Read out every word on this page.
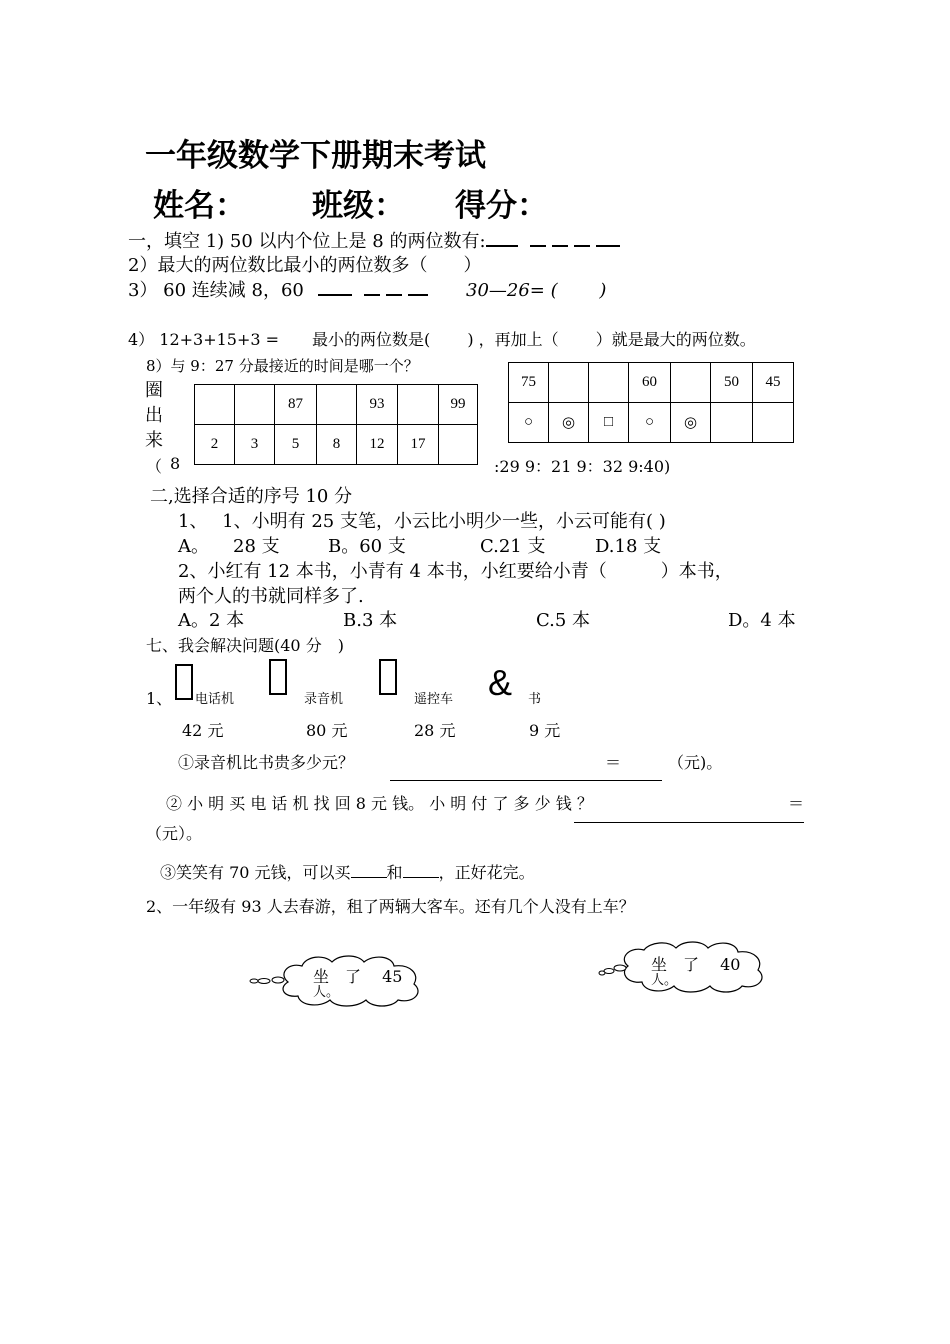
一年级数学下册期末考试
姓名： 班级： 得分：
一，填空 1) 50 以内个位上是 8 的两位数有:
2）最大的两位数比最小的两位数多（　　）
3） 60 连续减 8，60	30—26= (　　 )
4） 12+3+15+3 = 最小的两位数是(　　 ) ，再加上（　　 ）就是最大的两位数。
8）与 9：27 分最接近的时间是哪一个？
圈
出
来
（ 8	:29 9：21 9：32 9:40)
		87		93		99
2	3	5	8	12	17	
75			60		50	45
○	◎	□	○	◎		
二,选择合适的序号 10 分
1、　 1、小明有 25 支笔，小云比小明少一些，小云可能有( )
A。 28 支	B。60 支	C.21 支	D.18 支
2、小红有 12 本书，小青有 4 本书，小红要给小青（　　　）本书，
两个人的书就同样多了.
A。2 本	B.3 本	C.5 本	D。4 本
七、我会解决问题(40 分　)
1、 电话机	录音机	遥控车 & 书
42 元	80 元	28 元	9 元
①录音机比书贵多少元？	＝	（元)。
② 小 明 买 电 话 机 找 回 8 元 钱。 小 明 付 了 多 少 钱 ？	＝
（元）。
③笑笑有 70 元钱，可以买 和 ，正好花完。
2、一年级有 93 人去春游，租了两辆大客车。还有几个人没有上车？
坐　了　 45
人。
坐　了　 40
人。
